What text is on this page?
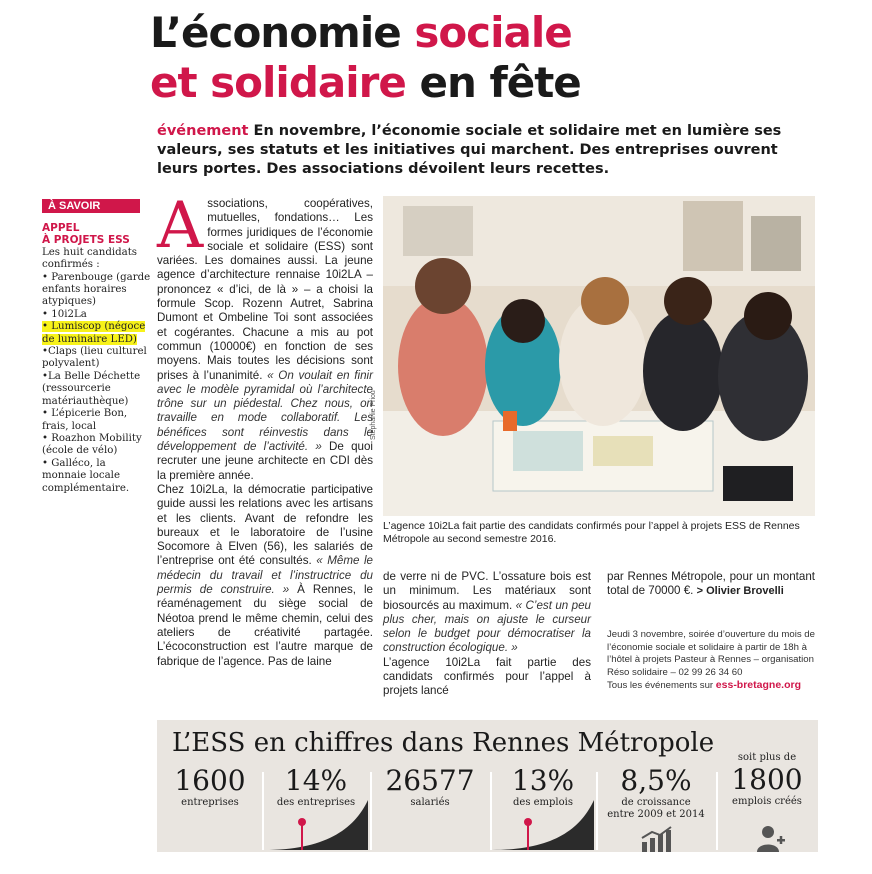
L’économie sociale
et solidaire en fête
événement En novembre, l’économie sociale et solidaire met en lumière ses valeurs, ses statuts et les initiatives qui marchent. Des entreprises ouvrent leurs portes. Des associations dévoilent leurs recettes.
À SAVOIR
APPEL
À PROJETS ESS
Les huit candidats confirmés :
• Parenbouge (garde enfants horaires atypiques)
• 10i2La
• Lumiscop (négoce de luminaire LED)
•Claps (lieu culturel polyvalent)
•La Belle Déchette (ressourcerie matériauthèque)
• L’épicerie Bon, frais, local
• Roazhon Mobility (école de vélo)
• Galléco, la monnaie locale complémentaire.
Associations, coopératives, mutuelles, fondations… Les formes juridiques de l’économie sociale et solidaire (ESS) sont variées. Les domaines aussi. La jeune agence d’architecture rennaise 10i2LA –prononcez « d’ici, de là » – a choisi la formule Scop. Rozenn Autret, Sabrina Dumont et Ombeline Toi sont associées et cogérantes. Chacune a mis au pot commun (10000€) en fonction de ses moyens. Mais toutes les décisions sont prises à l’unanimité. « On voulait en finir avec le modèle pyramidal où l’architecte trône sur un piédestal. Chez nous, on travaille en mode collaboratif. Les bénéfices sont réinvestis dans le développement de l’activité. » De quoi recruter une jeune architecte en CDI dès la première année.
Chez 10i2La, la démocratie participative guide aussi les relations avec les artisans et les clients. Avant de refondre les bureaux et le laboratoire de l’usine Socomore à Elven (56), les salariés de l’entreprise ont été consultés. « Même le médecin du travail et l’instructrice du permis de construire. » À Rennes, le réaménagement du siège social de Néotoa prend le même chemin, celui des ateliers de créativité partagée. L’écoconstruction est l’autre marque de fabrique de l’agence. Pas de laine
Stéphanie Priou
L’agence 10i2La fait partie des candidats confirmés pour l’appel à projets ESS de Rennes Métropole au second semestre 2016.
de verre ni de PVC. L’ossature bois est un minimum. Les matériaux sont biosourcés au maximum. « C’est un peu plus cher, mais on ajuste le curseur selon le budget pour démocratiser la construction écologique. »
L’agence 10i2La fait partie des candidats confirmés pour l’appel à projets lancé
par Rennes Métropole, pour un montant total de 70000 €. > Olivier Brovelli
Jeudi 3 novembre, soirée d’ouverture du mois de l’économie sociale et solidaire à partir de 18h à l’hôtel à projets Pasteur à Rennes – organisation Réso solidaire – 02 99 26 34 60
Tous les événements sur ess-bretagne.org
L’ESS en chiffres dans Rennes Métropole
1600
entreprises
14%
des entreprises
26577
salariés
13%
des emplois
8,5%
de croissance
entre 2009 et 2014
soit plus de
1800
emplois créés
